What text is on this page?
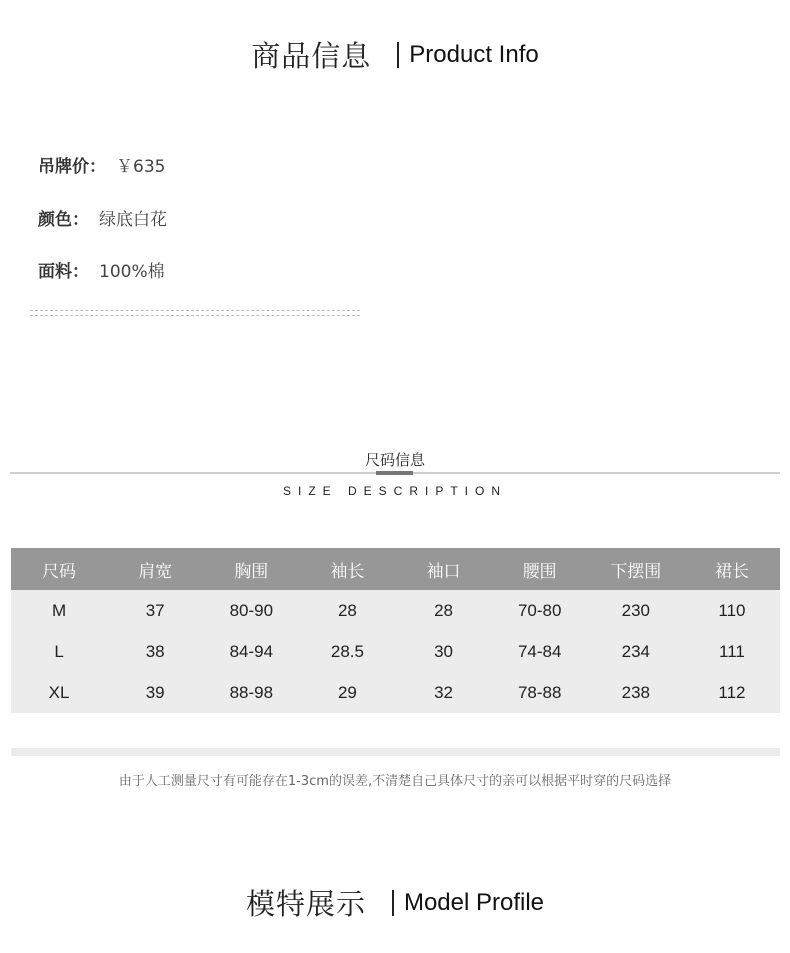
商品信息 Product Info
吊牌价： ￥635
颜色： 绿底白花
面料： 100%棉
尺码信息
SIZE DESCRIPTION
尺码	肩宽	胸围	袖长	袖口	腰围	下摆围	裙长
M	37	80-90	28	28	70-80	230	110
L	38	84-94	28.5	30	74-84	234	111
XL	39	88-98	29	32	78-88	238	112
由于人工测量尺寸有可能存在1-3cm的误差,不清楚自己具体尺寸的亲可以根据平时穿的尺码选择
模特展示 Model Profile
